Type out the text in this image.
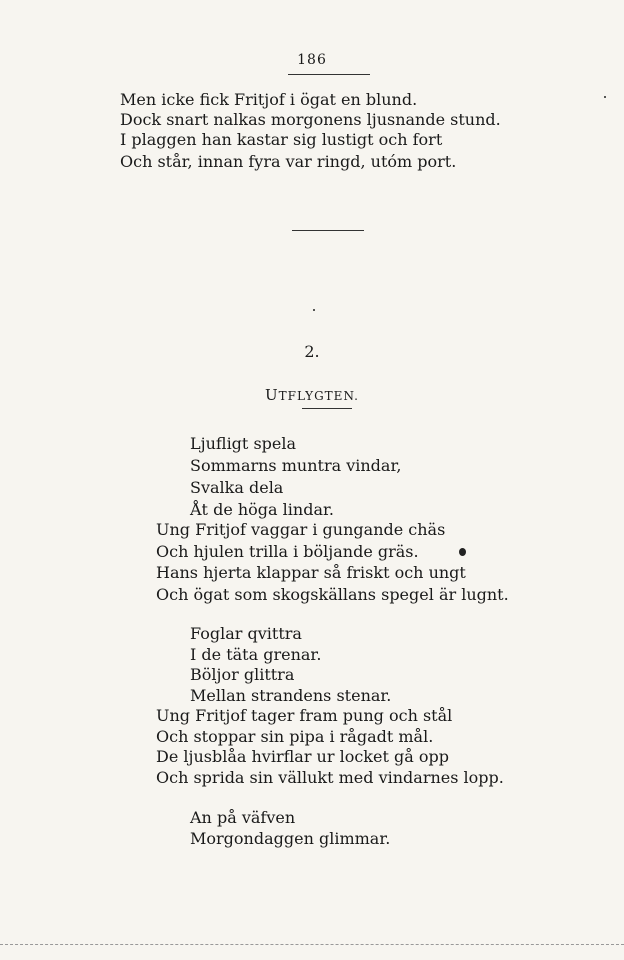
186
Men icke fick Fritjof i ögat en blund.
Dock snart nalkas morgonens ljusnande stund.
I plaggen han kastar sig lustigt och fort
Och står, innan fyra var ringd, utóm port.
2.
UTFLYGTEN.
Ljufligt spela
Sommarns muntra vindar,
Svalka dela
Åt de höga lindar.
Ung Fritjof vaggar i gungande chäs
Och hjulen trilla i böljande gräs.
Hans hjerta klappar så friskt och ungt
Och ögat som skogskällans spegel är lugnt.
Foglar qvittra
I de täta grenar.
Böljor glittra
Mellan strandens stenar.
Ung Fritjof tager fram pung och stål
Och stoppar sin pipa i rågadt mål.
De ljusblåa hvirflar ur locket gå opp
Och sprida sin vällukt med vindarnes lopp.
An på väfven
Morgondaggen glimmar.
